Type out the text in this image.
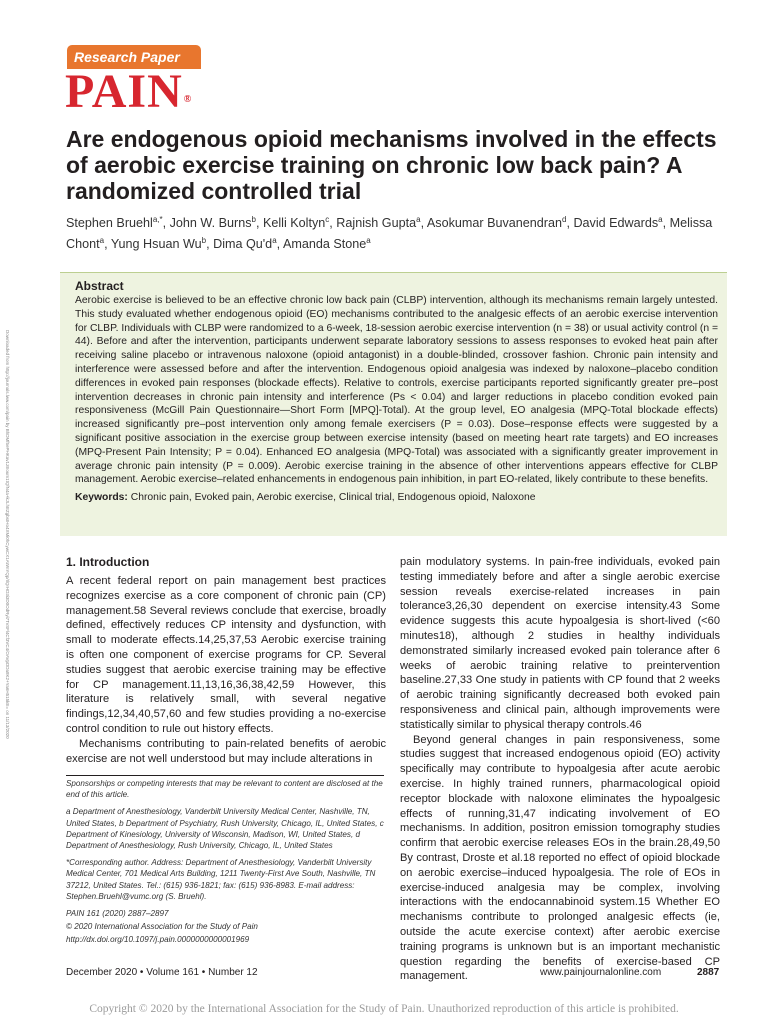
Research Paper
PAIN®
Are endogenous opioid mechanisms involved in the effects of aerobic exercise training on chronic low back pain? A randomized controlled trial
Stephen Bruehl$^{a,*}$, John W. Burns$^b$, Kelli Koltyn$^c$, Rajnish Gupta$^a$, Asokumar Buvanendran$^d$, David Edwards$^a$, Melissa Chont$^a$, Yung Hsuan Wu$^b$, Dima $Qu'd^a$, Amanda Stone$^a$
Downloaded from http://journals.lww.com/pain by BhDMf5ePHKav1zEoum1tQfN4a+kJLhEZgbsIHo4XMi0hCywCX1AWnYQp/IlQrHD3i3D0OdRyi7TvSFl4Cf3VC4/OAVpDDa8K2+Ya6H515kE= on 11/13/2020
Abstract
Aerobic exercise is believed to be an effective chronic low back pain (CLBP) intervention, although its mechanisms remain largely untested. This study evaluated whether endogenous opioid (EO) mechanisms contributed to the analgesic effects of an aerobic exercise intervention for CLBP. Individuals with CLBP were randomized to a 6-week, 18-session aerobic exercise intervention (n = 38) or usual activity control (n = 44). Before and after the intervention, participants underwent separate laboratory sessions to assess responses to evoked heat pain after receiving saline placebo or intravenous naloxone (opioid antagonist) in a double-blinded, crossover fashion. Chronic pain intensity and interference were assessed before and after the intervention. Endogenous opioid analgesia was indexed by naloxone–placebo condition differences in evoked pain responses (blockade effects). Relative to controls, exercise participants reported significantly greater pre–post intervention decreases in chronic pain intensity and interference (Ps < 0.04) and larger reductions in placebo condition evoked pain responsiveness (McGill Pain Questionnaire—Short Form [MPQ]-Total). At the group level, EO analgesia (MPQ-Total blockade effects) increased significantly pre–post intervention only among female exercisers (P = 0.03). Dose–response effects were suggested by a significant positive association in the exercise group between exercise intensity (based on meeting heart rate targets) and EO increases (MPQ-Present Pain Intensity; P = 0.04). Enhanced EO analgesia (MPQ-Total) was associated with a significantly greater improvement in average chronic pain intensity (P = 0.009). Aerobic exercise training in the absence of other interventions appears effective for CLBP management. Aerobic exercise–related enhancements in endogenous pain inhibition, in part EO-related, likely contribute to these benefits.
Keywords: Chronic pain, Evoked pain, Aerobic exercise, Clinical trial, Endogenous opioid, Naloxone
1. Introduction

A recent federal report on pain management best practices recognizes exercise as a core component of chronic pain (CP) management.58 Several reviews conclude that exercise, broadly defined, effectively reduces CP intensity and dysfunction, with small to moderate effects.14,25,37,53 Aerobic exercise training is often one component of exercise programs for CP. Several studies suggest that aerobic exercise training may be effective for CP management.11,13,16,36,38,42,59 However, this literature is relatively small, with several negative findings,12,34,40,57,60 and few studies providing a no-exercise control condition to rule out history effects.

Mechanisms contributing to pain-related benefits of aerobic exercise are not well understood but may include alterations in

pain modulatory systems. In pain-free individuals, evoked pain testing immediately before and after a single aerobic exercise session reveals exercise-related increases in pain tolerance3,26,30 dependent on exercise intensity.43 Some evidence suggests this acute hypoalgesia is short-lived (<60 minutes18), although 2 studies in healthy individuals demonstrated similarly increased evoked pain tolerance after 6 weeks of aerobic training relative to preintervention baseline.27,33 One study in patients with CP found that 2 weeks of aerobic training significantly decreased both evoked pain responsiveness and clinical pain, although improvements were statistically similar to physical therapy controls.46

Beyond general changes in pain responsiveness, some studies suggest that increased endogenous opioid (EO) activity specifically may contribute to hypoalgesia after acute aerobic exercise. In highly trained runners, pharmacological opioid receptor blockade with naloxone eliminates the hypoalgesic effects of running,31,47 indicating involvement of EO mechanisms. In addition, positron emission tomography studies confirm that aerobic exercise releases EOs in the brain.28,49,50 By contrast, Droste et al.18 reported no effect of opioid blockade on aerobic exercise–induced hypoalgesia. The role of EOs in exercise-induced analgesia may be complex, involving interactions with the endocannabinoid system.15 Whether EO mechanisms contribute to prolonged analgesic effects (ie, outside the acute exercise context) after aerobic exercise training programs is unknown but is an important mechanistic question regarding the benefits of exercise-based CP management.

Sponsorships or competing interests that may be relevant to content are disclosed at the end of this article.

a Department of Anesthesiology, Vanderbilt University Medical Center, Nashville, TN, United States, b Department of Psychiatry, Rush University, Chicago, IL, United States, c Department of Kinesiology, University of Wisconsin, Madison, WI, United States, d Department of Anesthesiology, Rush University, Chicago, IL, United States

*Corresponding author. Address: Department of Anesthesiology, Vanderbilt University Medical Center, 701 Medical Arts Building, 1211 Twenty-First Ave South, Nashville, TN 37212, United States. Tel.: (615) 936-1821; fax: (615) 936-8983. E-mail address: Stephen.Bruehl@vumc.org (S. Bruehl).

PAIN 161 (2020) 2887–2897

© 2020 International Association for the Study of Pain

http://dx.doi.org/10.1097/j.pain.0000000000001969

December 2020 • Volume 161 • Number 12	www.painjournalonline.com	2887
Copyright © 2020 by the International Association for the Study of Pain. Unauthorized reproduction of this article is prohibited.
